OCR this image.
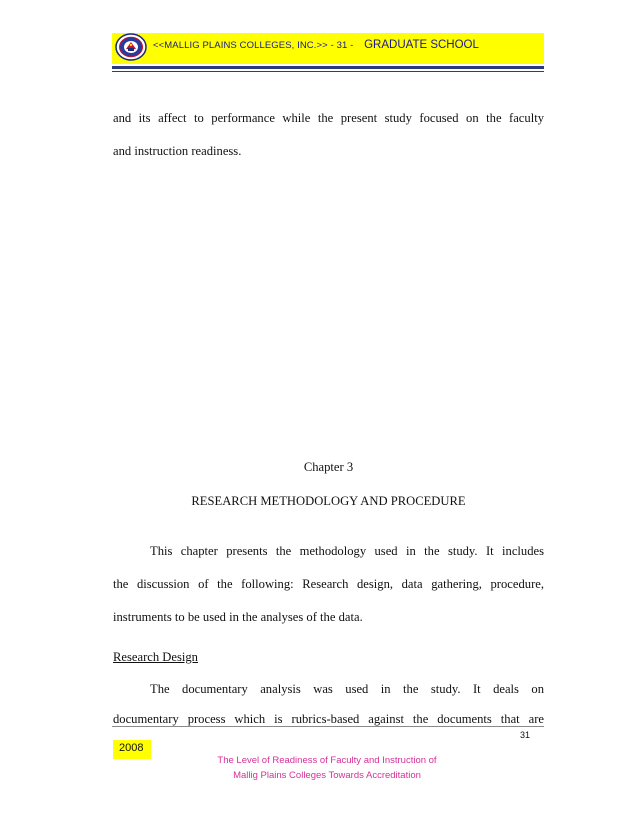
<<MALLIG PLAINS COLLEGES, INC.>> - 31 - GRADUATE SCHOOL
and its affect to performance while the present study focused on the faculty
and instruction readiness.
Chapter 3
RESEARCH METHODOLOGY AND PROCEDURE
This chapter presents the methodology used in the study. It includes
the discussion of the following: Research design, data gathering, procedure,
instruments to be used in the analyses of the data.
Research Design
The documentary analysis was used in the study. It deals on
documentary process which is rubrics-based against the documents that are
31
2008
The Level of Readiness of Faculty and Instruction of
Mallig Plains Colleges Towards Accreditation
